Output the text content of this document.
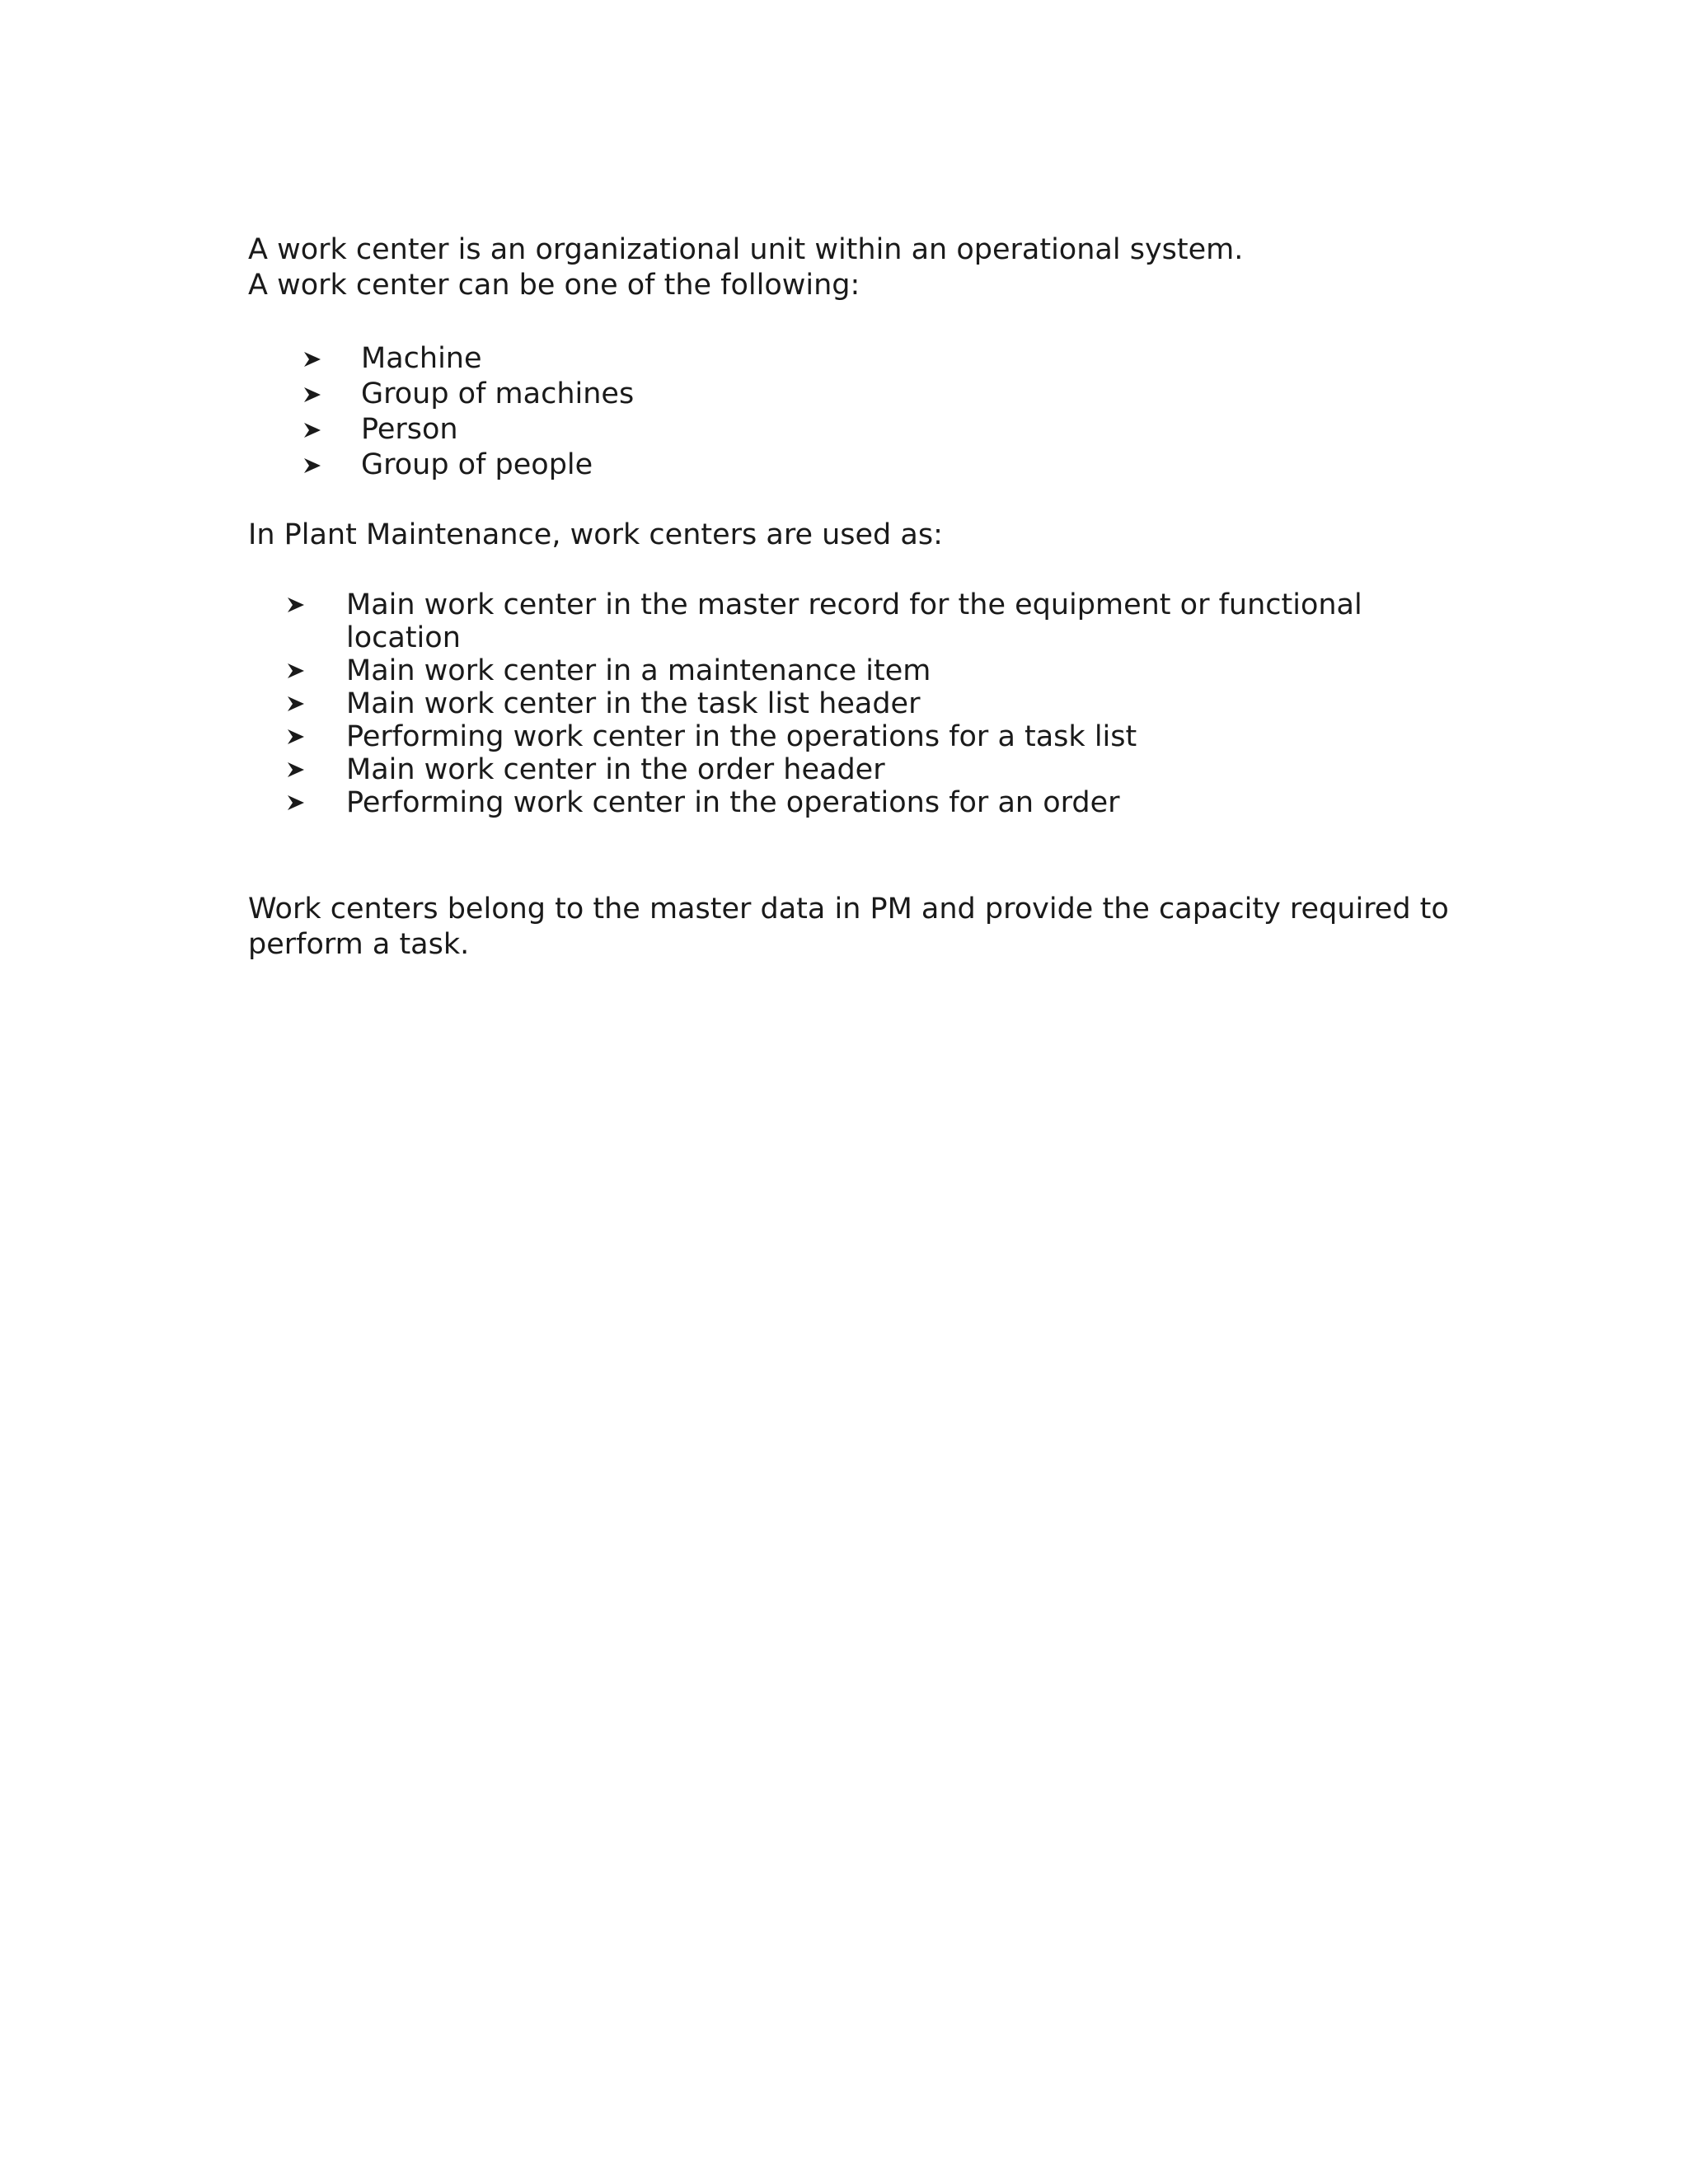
A work center is an organizational unit within an operational system.

A work center can be one of the following:

Machine
Group of machines
Person
Group of people

In Plant Maintenance, work centers are used as:

Main work center in the master record for the equipment or functional location
Main work center in a maintenance item
Main work center in the task list header
Performing work center in the operations for a task list
Main work center in the order header
Performing work center in the operations for an order

Work centers belong to the master data in PM and provide the capacity required to

perform a task.
